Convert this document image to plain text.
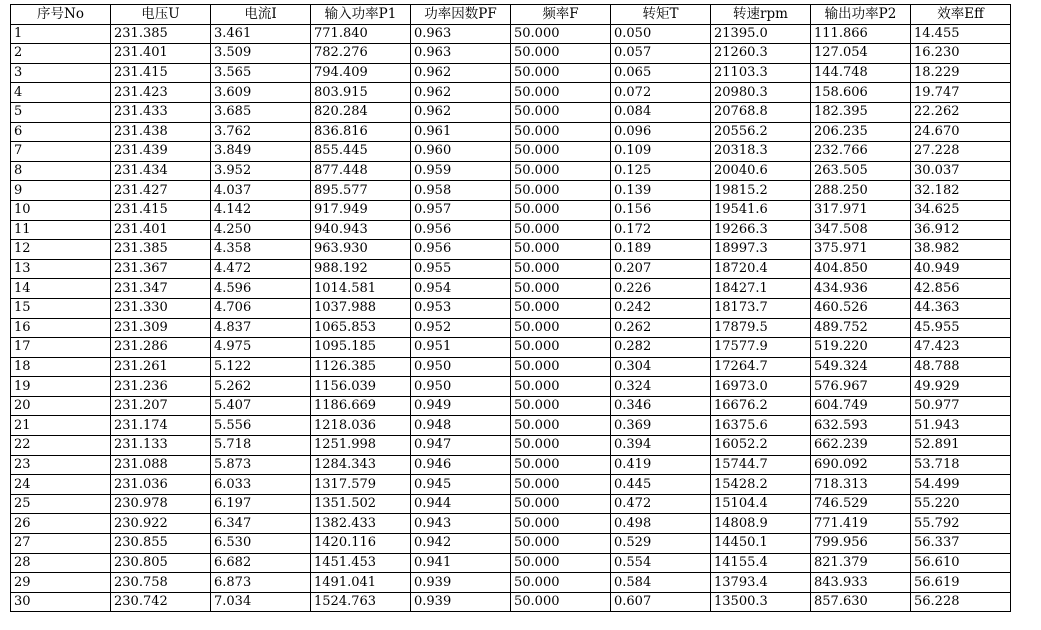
序号No	电压U	电流I	输入功率P1	功率因数PF	频率F	转矩T	转速rpm	输出功率P2	效率Eff
1	231.385	3.461	771.840	0.963	50.000	0.050	21395.0	111.866	14.455
2	231.401	3.509	782.276	0.963	50.000	0.057	21260.3	127.054	16.230
3	231.415	3.565	794.409	0.962	50.000	0.065	21103.3	144.748	18.229
4	231.423	3.609	803.915	0.962	50.000	0.072	20980.3	158.606	19.747
5	231.433	3.685	820.284	0.962	50.000	0.084	20768.8	182.395	22.262
6	231.438	3.762	836.816	0.961	50.000	0.096	20556.2	206.235	24.670
7	231.439	3.849	855.445	0.960	50.000	0.109	20318.3	232.766	27.228
8	231.434	3.952	877.448	0.959	50.000	0.125	20040.6	263.505	30.037
9	231.427	4.037	895.577	0.958	50.000	0.139	19815.2	288.250	32.182
10	231.415	4.142	917.949	0.957	50.000	0.156	19541.6	317.971	34.625
11	231.401	4.250	940.943	0.956	50.000	0.172	19266.3	347.508	36.912
12	231.385	4.358	963.930	0.956	50.000	0.189	18997.3	375.971	38.982
13	231.367	4.472	988.192	0.955	50.000	0.207	18720.4	404.850	40.949
14	231.347	4.596	1014.581	0.954	50.000	0.226	18427.1	434.936	42.856
15	231.330	4.706	1037.988	0.953	50.000	0.242	18173.7	460.526	44.363
16	231.309	4.837	1065.853	0.952	50.000	0.262	17879.5	489.752	45.955
17	231.286	4.975	1095.185	0.951	50.000	0.282	17577.9	519.220	47.423
18	231.261	5.122	1126.385	0.950	50.000	0.304	17264.7	549.324	48.788
19	231.236	5.262	1156.039	0.950	50.000	0.324	16973.0	576.967	49.929
20	231.207	5.407	1186.669	0.949	50.000	0.346	16676.2	604.749	50.977
21	231.174	5.556	1218.036	0.948	50.000	0.369	16375.6	632.593	51.943
22	231.133	5.718	1251.998	0.947	50.000	0.394	16052.2	662.239	52.891
23	231.088	5.873	1284.343	0.946	50.000	0.419	15744.7	690.092	53.718
24	231.036	6.033	1317.579	0.945	50.000	0.445	15428.2	718.313	54.499
25	230.978	6.197	1351.502	0.944	50.000	0.472	15104.4	746.529	55.220
26	230.922	6.347	1382.433	0.943	50.000	0.498	14808.9	771.419	55.792
27	230.855	6.530	1420.116	0.942	50.000	0.529	14450.1	799.956	56.337
28	230.805	6.682	1451.453	0.941	50.000	0.554	14155.4	821.379	56.610
29	230.758	6.873	1491.041	0.939	50.000	0.584	13793.4	843.933	56.619
30	230.742	7.034	1524.763	0.939	50.000	0.607	13500.3	857.630	56.228
